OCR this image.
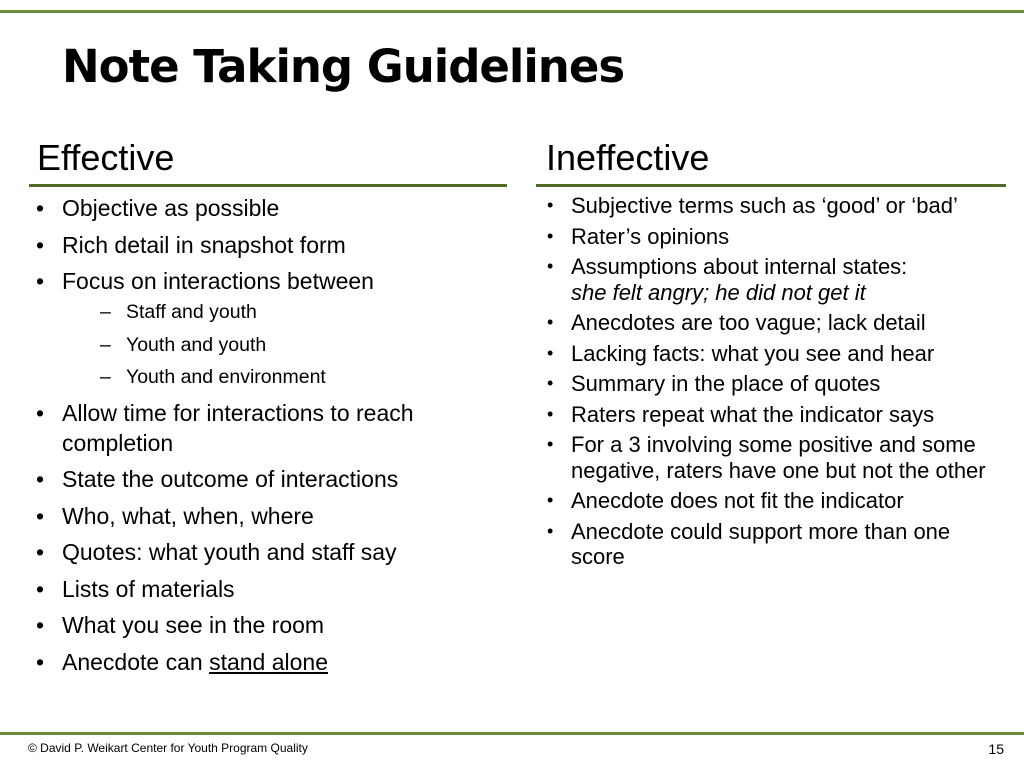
Note Taking Guidelines
Effective	Ineffective
• Objective as possible
• Rich detail in snapshot form
• Focus on interactions between
– Staff and youth
– Youth and youth
– Youth and environment
• Allow time for interactions to reach completion
• State the outcome of interactions
• Who, what, when, where
• Quotes: what youth and staff say
• Lists of materials
• What you see in the room
• Anecdote can stand alone
• Subjective terms such as ‘good’ or ‘bad’
• Rater’s opinions
• Assumptions about internal states:
she felt angry; he did not get it
• Anecdotes are too vague; lack detail
• Lacking facts: what you see and hear
• Summary in the place of quotes
• Raters repeat what the indicator says
• For a 3 involving some positive and some negative, raters have one but not the other
• Anecdote does not fit the indicator
• Anecdote could support more than one score
© David P. Weikart Center for Youth Program Quality	15
